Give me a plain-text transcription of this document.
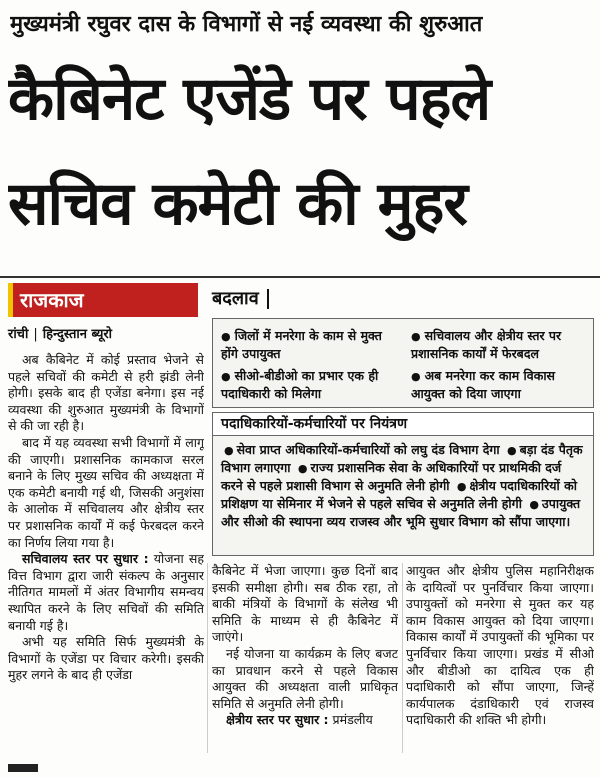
मुख्यमंत्री रघुवर दास के विभागों से नई व्यवस्था की शुरुआत
कैबिनेट एजेंडे पर पहले
सचिव कमेटी की मुहर
राजकाज
रांची | हिन्दुस्तान ब्यूरो

अब कैबिनेट में कोई प्रस्ताव भेजने से पहले सचिवों की कमेटी से हरी झंडी लेनी होगी। इसके बाद ही एजेंडा बनेगा। इस नई व्यवस्था की शुरुआत मुख्यमंत्री के विभागों से की जा रही है।

बाद में यह व्यवस्था सभी विभागों में लागू की जाएगी। प्रशासनिक कामकाज सरल बनाने के लिए मुख्य सचिव की अध्यक्षता में एक कमेटी बनायी गई थी, जिसकी अनुशंसा के आलोक में सचिवालय और क्षेत्रीय स्तर पर प्रशासनिक कार्यों में कई फेरबदल करने का निर्णय लिया गया है।

सचिवालय स्तर पर सुधार : योजना सह वित्त विभाग द्वारा जारी संकल्प के अनुसार नीतिगत मामलों में अंतर विभागीय समन्वय स्थापित करने के लिए सचिवों की समिति बनायी गई है।

अभी यह समिति सिर्फ मुख्यमंत्री के विभागों के एजेंडा पर विचार करेगी। इसकी मुहर लगने के बाद ही एजेंडा

बदलाव
● जिलों में मनरेगा के काम से मुक्त होंगे उपायुक्त
● सचिवालय और क्षेत्रीय स्तर पर प्रशासनिक कार्यों में फेरबदल
● सीओ-बीडीओ का प्रभार एक ही पदाधिकारी को मिलेगा
● अब मनरेगा कर काम विकास आयुक्त को दिया जाएगा
पदाधिकारियों-कर्मचारियों पर नियंत्रण
● सेवा प्राप्त अधिकारियों-कर्मचारियों को लघु दंड विभाग देगा ● बड़ा दंड पैतृक विभाग लगाएगा ● राज्य प्रशासनिक सेवा के अधिकारियों पर प्राथमिकी दर्ज करने से पहले प्रशासी विभाग से अनुमति लेनी होगी ● क्षेत्रीय पदाधिकारियों को प्रशिक्षण या सेमिनार में भेजने से पहले सचिव से अनुमति लेनी होगी ● उपायुक्त और सीओ की स्थापना व्यय राजस्व और भूमि सुधार विभाग को सौंपा जाएगा।

कैबिनेट में भेजा जाएगा। कुछ दिनों बाद इसकी समीक्षा होगी। सब ठीक रहा, तो बाकी मंत्रियों के विभागों के संलेख भी समिति के माध्यम से ही कैबिनेट में जाएंगे।

नई योजना या कार्यक्रम के लिए बजट का प्रावधान करने से पहले विकास आयुक्त की अध्यक्षता वाली प्राधिकृत समिति से अनुमति लेनी होगी।

क्षेत्रीय स्तर पर सुधार : प्रमंडलीय

आयुक्त और क्षेत्रीय पुलिस महानिरीक्षक के दायित्वों पर पुनर्विचार किया जाएगा। उपायुक्तों को मनरेगा से मुक्त कर यह काम विकास आयुक्त को दिया जाएगा। विकास कार्यों में उपायुक्तों की भूमिका पर पुनर्विचार किया जाएगा। प्रखंड में सीओ और बीडीओ का दायित्व एक ही पदाधिकारी को सौंपा जाएगा, जिन्हें कार्यपालक दंडाधिकारी एवं राजस्व पदाधिकारी की शक्ति भी होगी।
